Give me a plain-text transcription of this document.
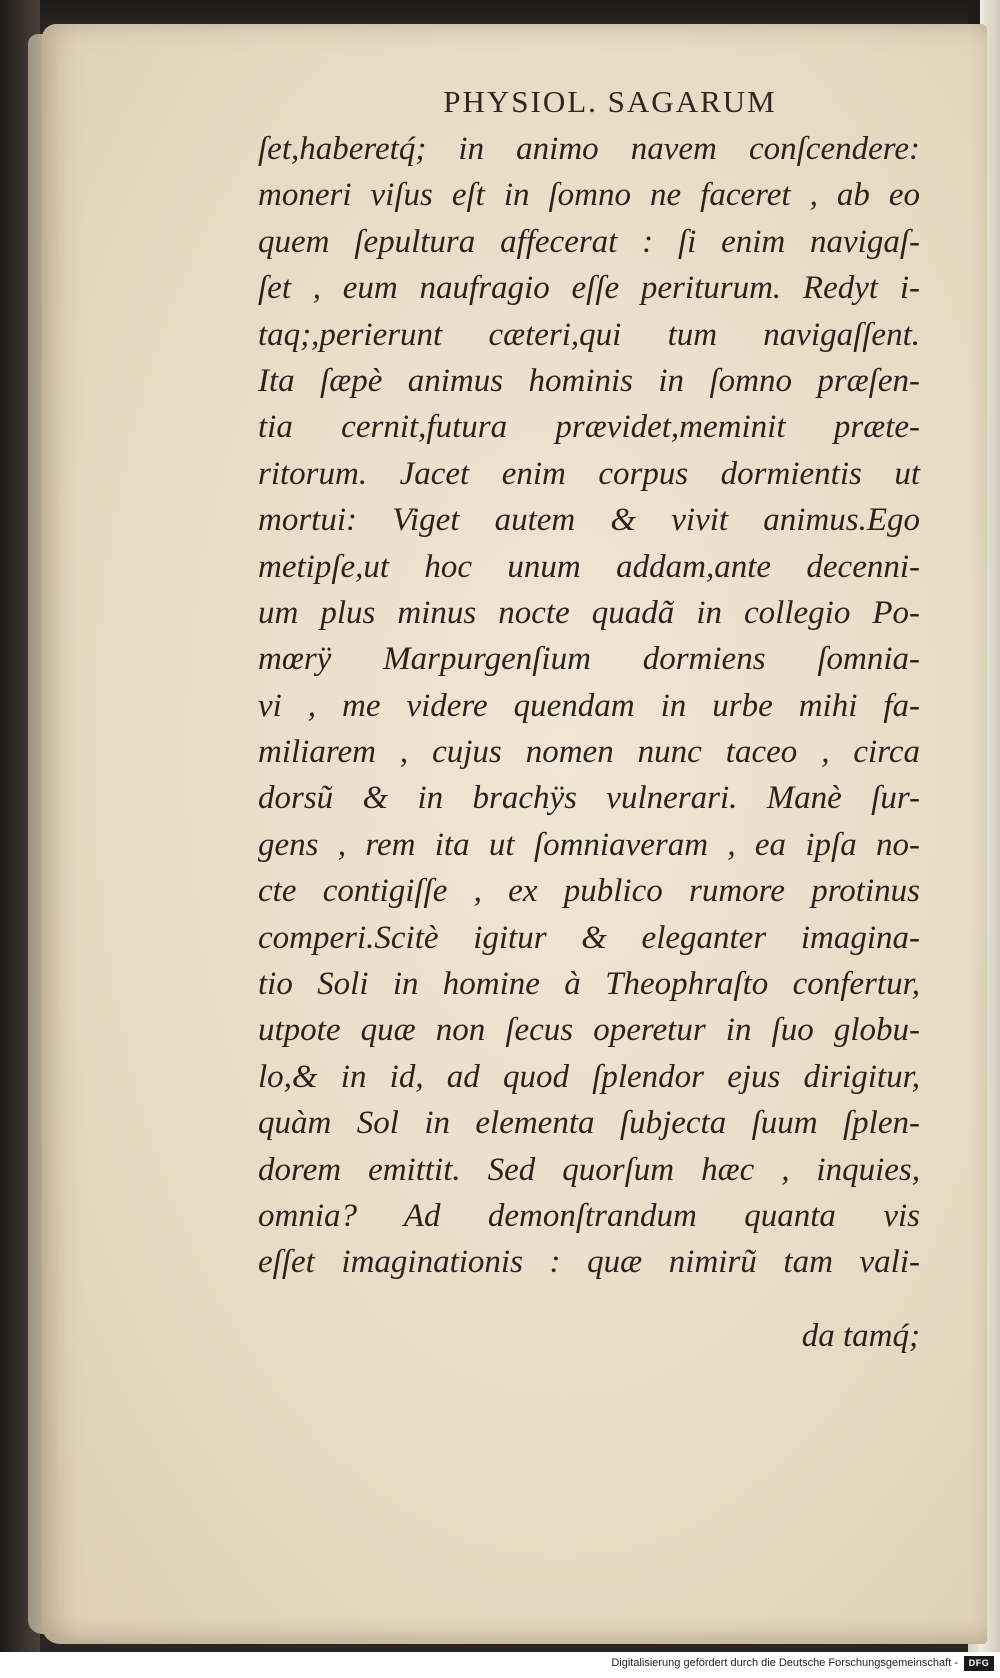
PHYSIOL. SAGARUM
ſet,haberetq́; in animo navem conſcendere:
moneri viſus eſt in ſomno ne faceret , ab eo
quem ſepultura affecerat : ſi enim navigaſ-
ſet , eum naufragio eſſe periturum. Redyt i-
taq;,perierunt cæteri,qui tum navigaſſent.
Ita ſæpè animus hominis in ſomno præſen-
tia cernit,futura prævidet,meminit præte-
ritorum. Jacet enim corpus dormientis ut
mortui: Viget autem & vivit animus.Ego
metipſe,ut hoc unum addam,ante decenni-
um plus minus nocte quadã in collegio Po-
mœrÿ Marpurgenſium dormiens ſomnia-
vi , me videre quendam in urbe mihi fa-
miliarem , cujus nomen nunc taceo , circa
dorsũ & in brachÿs vulnerari. Manè ſur-
gens , rem ita ut ſomniaveram , ea ipſa no-
cte contigiſſe , ex publico rumore protinus
comperi.Scitè igitur & eleganter imagina-
tio Soli in homine à Theophraſto confertur,
utpote quæ non ſecus operetur in ſuo globu-
lo,& in id, ad quod ſplendor ejus dirigitur,
quàm Sol in elementa ſubjecta ſuum ſplen-
dorem emittit. Sed quorſum hæc , inquies,
omnia? Ad demonſtrandum quanta vis
eſſet imaginationis : quæ nimirũ tam vali-
da tamq́;
Digitalisierung gefördert durch die Deutsche Forschungsgemeinschaft -	DFG
